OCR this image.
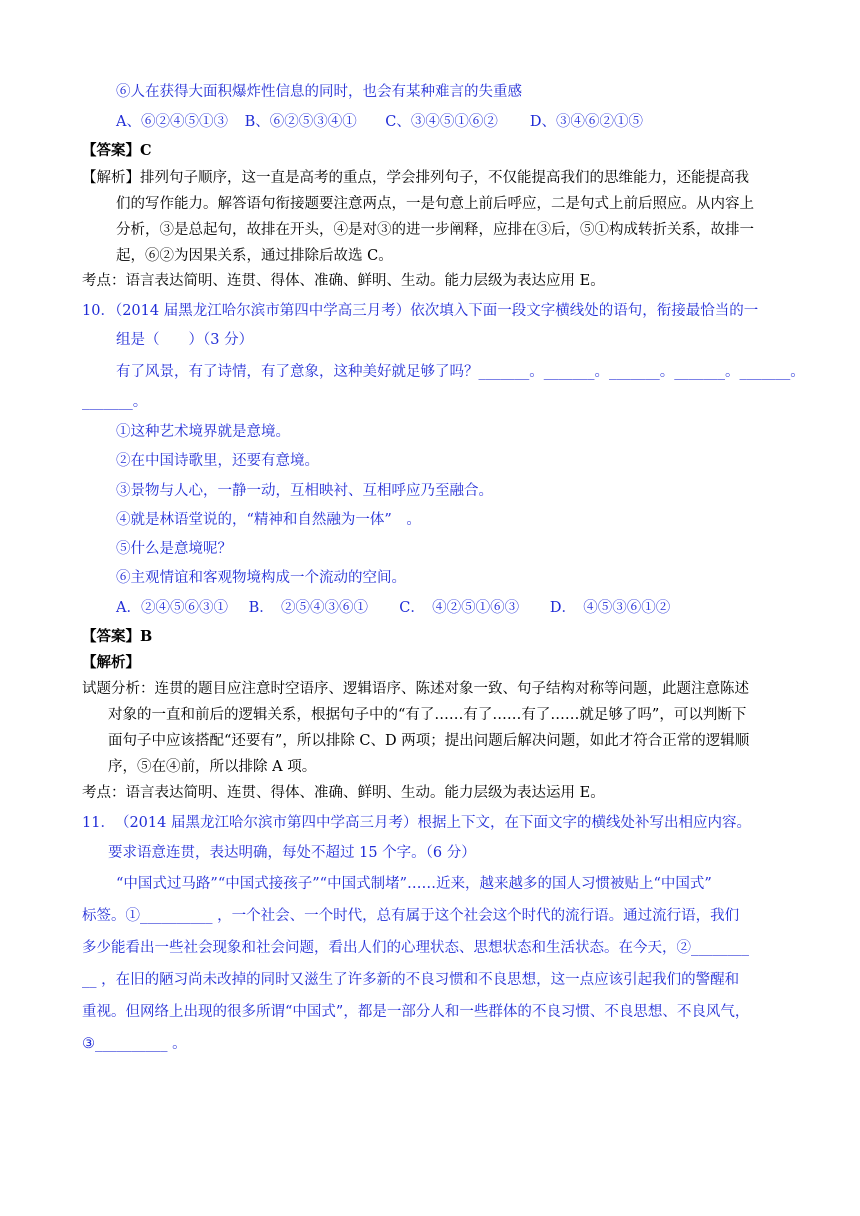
⑥人在获得大面积爆炸性信息的同时，也会有某种难言的失重感
A、⑥②④⑤①③ B、⑥②⑤③④① C、③④⑤①⑥② D、③④⑥②①⑤
【答案】C
【解析】排列句子顺序，这一直是高考的重点，学会排列句子，不仅能提高我们的思维能力，还能提高我
们的写作能力。解答语句衔接题要注意两点，一是句意上前后呼应，二是句式上前后照应。从内容上
分析，③是总起句，故排在开头，④是对③的进一步阐释，应排在③后，⑤①构成转折关系，故排一
起，⑥②为因果关系，通过排除后故选 C。
考点：语言表达简明、连贯、得体、准确、鲜明、生动。能力层级为表达应用 E。
10．（2014 届黑龙江哈尔滨市第四中学高三月考）依次填入下面一段文字横线处的语句，衔接最恰当的一
组是（　　）（3 分）
有了风景，有了诗情，有了意象，这种美好就足够了吗？_______。_______。_______。_______。_______。
_______。
①这种艺术境界就是意境。
②在中国诗歌里，还要有意境。
③景物与人心，一静一动，互相映衬、互相呼应乃至融合。
④就是林语堂说的，“精神和自然融为一体”　。
⑤什么是意境呢？
⑥主观情谊和客观物境构成一个流动的空间。
A．②④⑤⑥③① B．　②⑤④③⑥① C．　④②⑤①⑥③ D．　④⑤③⑥①②
【答案】B
【解析】
试题分析：连贯的题目应注意时空语序、逻辑语序、陈述对象一致、句子结构对称等问题，此题注意陈述
对象的一直和前后的逻辑关系，根据句子中的“有了……有了……有了……就足够了吗”，可以判断下
面句子中应该搭配“还要有”，所以排除 C、D 两项；提出问题后解决问题，如此才符合正常的逻辑顺
序，⑤在④前，所以排除 A 项。
考点：语言表达简明、连贯、得体、准确、鲜明、生动。能力层级为表达运用 E。
11．　（2014 届黑龙江哈尔滨市第四中学高三月考）根据上下文，在下面文字的横线处补写出相应内容。
要求语意连贯，表达明确，每处不超过 15 个字。（6 分）
“中国式过马路”“中国式接孩子”“中国式制堵”……近来，越来越多的国人习惯被贴上“中国式”
标签。①__________ ，一个社会、一个时代，总有属于这个社会这个时代的流行语。通过流行语，我们
多少能看出一些社会现象和社会问题，看出人们的心理状态、思想状态和生活状态。在今天，②________
__ ，在旧的陋习尚未改掉的同时又滋生了许多新的不良习惯和不良思想，这一点应该引起我们的警醒和
重视。但网络上出现的很多所谓“中国式”，都是一部分人和一些群体的不良习惯、不良思想、不良风气，
③__________ 。
